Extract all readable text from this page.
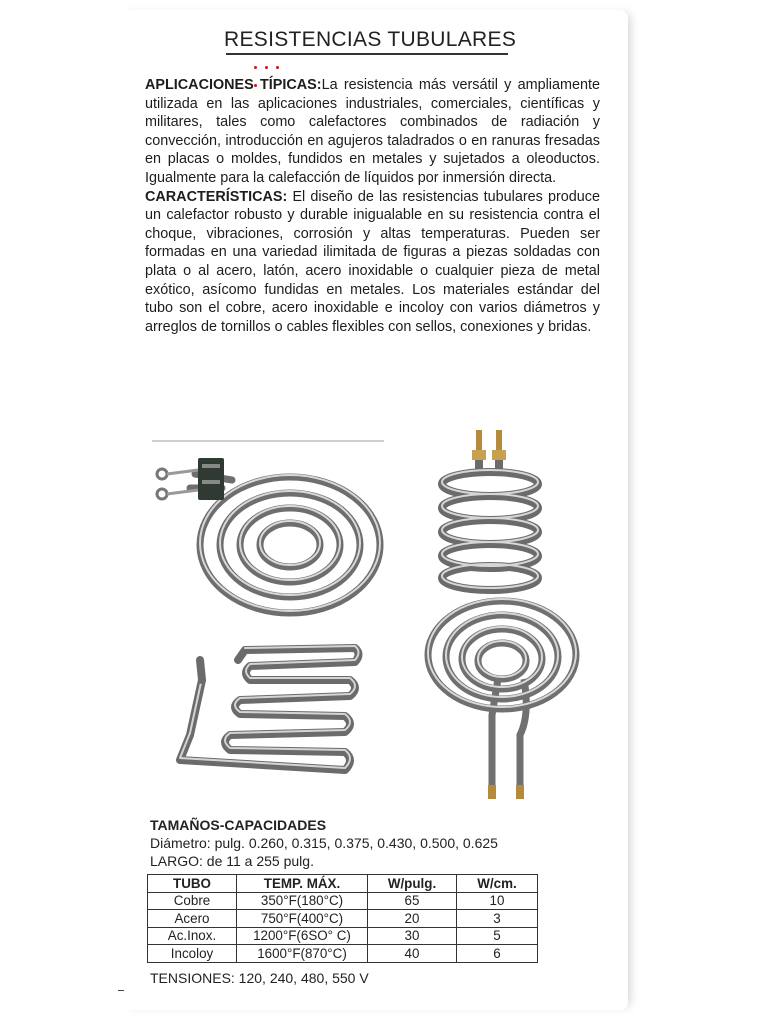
RESISTENCIAS TUBULARES

APLICACIONES TÍPICAS:La resistencia más versátil y ampliamente utilizada en las aplicaciones industriales, comerciales, científicas y militares, tales como calefactores combinados de radiación y convección, introducción en agujeros taladrados o en ranuras fresadas en placas o moldes, fundidos en metales y sujetados a oleoductos. Igualmente para la calefacción de líquidos por inmersión directa.

CARACTERÍSTICAS: El diseño de las resistencias tubulares produce un calefactor robusto y durable inigualable en su resistencia contra el choque, vibraciones, corrosión y altas temperaturas. Pueden ser formadas en una variedad ilimitada de figuras a piezas soldadas con plata o al acero, latón, acero inoxidable o cualquier pieza de metal exótico, asícomo fundidas en metales. Los materiales estándar del tubo son el cobre, acero inoxidable e incoloy con varios diámetros y arreglos de tornillos o cables flexibles con sellos, conexiones y bridas.

TAMAÑOS-CAPACIDADES
Diámetro: pulg. 0.260, 0.315, 0.375, 0.430, 0.500, 0.625
LARGO: de 11 a 255 pulg.
TUBO	TEMP. MÁX.	W/pulg.	W/cm.
Cobre	350°F(180°C)	65	10
Acero	750°F(400°C)	20	3
Ac.Inox.	1200°F(6SO° C)	30	5
Incoloy	1600°F(870°C)	40	6
TENSIONES: 120, 240, 480, 550 V
